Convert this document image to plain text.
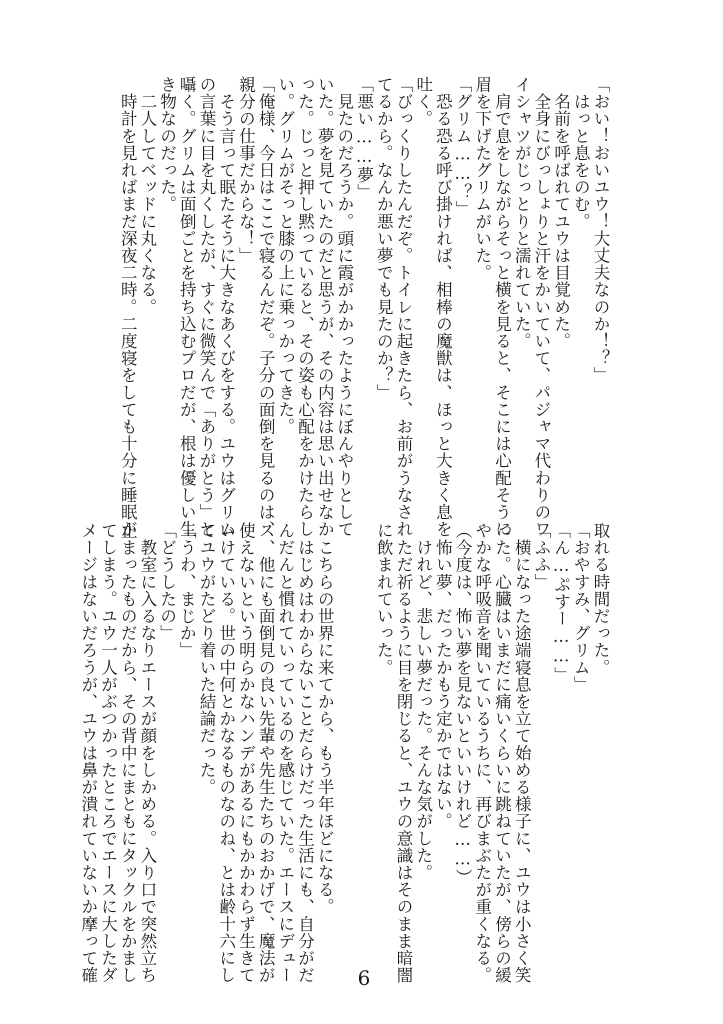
「おい！おいユウ！大丈夫なのか！？」
　はっと息をのむ。
　名前を呼ばれてユウは目覚めた。
　全身にびっしょりと汗をかいていて、パジャマ代わりのワ
イシャツがじっとりと濡れていた。
　肩で息をしながらそっと横を見ると、そこには心配そうに
眉を下げたグリムがいた。
「グリム……？」
　恐る恐る呼び掛ければ、相棒の魔獣は、ほっと大きく息を
吐く。
「びっくりしたんだぞ。トイレに起きたら、お前がうなされ
てるから。なんか悪い夢でも見たのか？」
「悪い……夢」
　見たのだろうか。頭に霞がかかったようにぼんやりとして
いた。夢を見ていたのだと思うが、その内容は思い出せなか
った。じっと押し黙っていると、その姿も心配をかけたらし
い。グリムがそっと膝の上に乗っかってきた。
「俺様、今日はここで寝るんだぞ。子分の面倒を見るのは、
親分の仕事だからな！」
　そう言って眠たそうに大きなあくびをする。ユウはグリム
の言葉に目を丸くしたが、すぐに微笑んで「ありがとう」と
囁く。グリムは面倒ごとを持ち込むプロだが、根は優しい生
き物なのだった。
　二人してベッドに丸くなる。
　時計を見ればまだ深夜二時。二度寝をしても十分に睡眠が
取れる時間だった。
「おやすみ、グリム」
「ん…ぷすー……」
「ふふ」
　横になった途端寝息を立て始める様子に、ユウは小さく笑
った。心臓はいまだに痛いくらいに跳ねていたが、傍らの緩
やかな呼吸音を聞いているうちに、再びまぶたが重くなる。
（今度は、怖い夢を見ないといいけれど……）
　怖い夢、だったかもう定かではない。
　けれど、悲しい夢だった。そんな気がした。
　ただ祈るように目を閉じると、ユウの意識はそのまま暗闇
に飲まれていった。
　こちらの世界に来てから、もう半年ほどになる。
　はじめはわからないことだらけだった生活にも、自分がだ
んだんと慣れていっているのを感じていた。エースにデュー
ス、他にも面倒見の良い先輩や先生たちのおかげで、魔法が
使えないという明らかなハンデがあるにもかかわらず生きて
いけている。世の中何とかなるものなのね、とは齢十六にし
てユウがたどり着いた結論だった。
「うわ、まじか」
「どうしたの」
　教室に入るなりエースが顔をしかめる。入り口で突然立ち
止まったものだから、その背中にまともにタックルをかまし
てしまう。ユウ一人がぶつかったところでエースに大したダ
メージはないだろうが、ユウは鼻が潰れていないか摩って確	6
